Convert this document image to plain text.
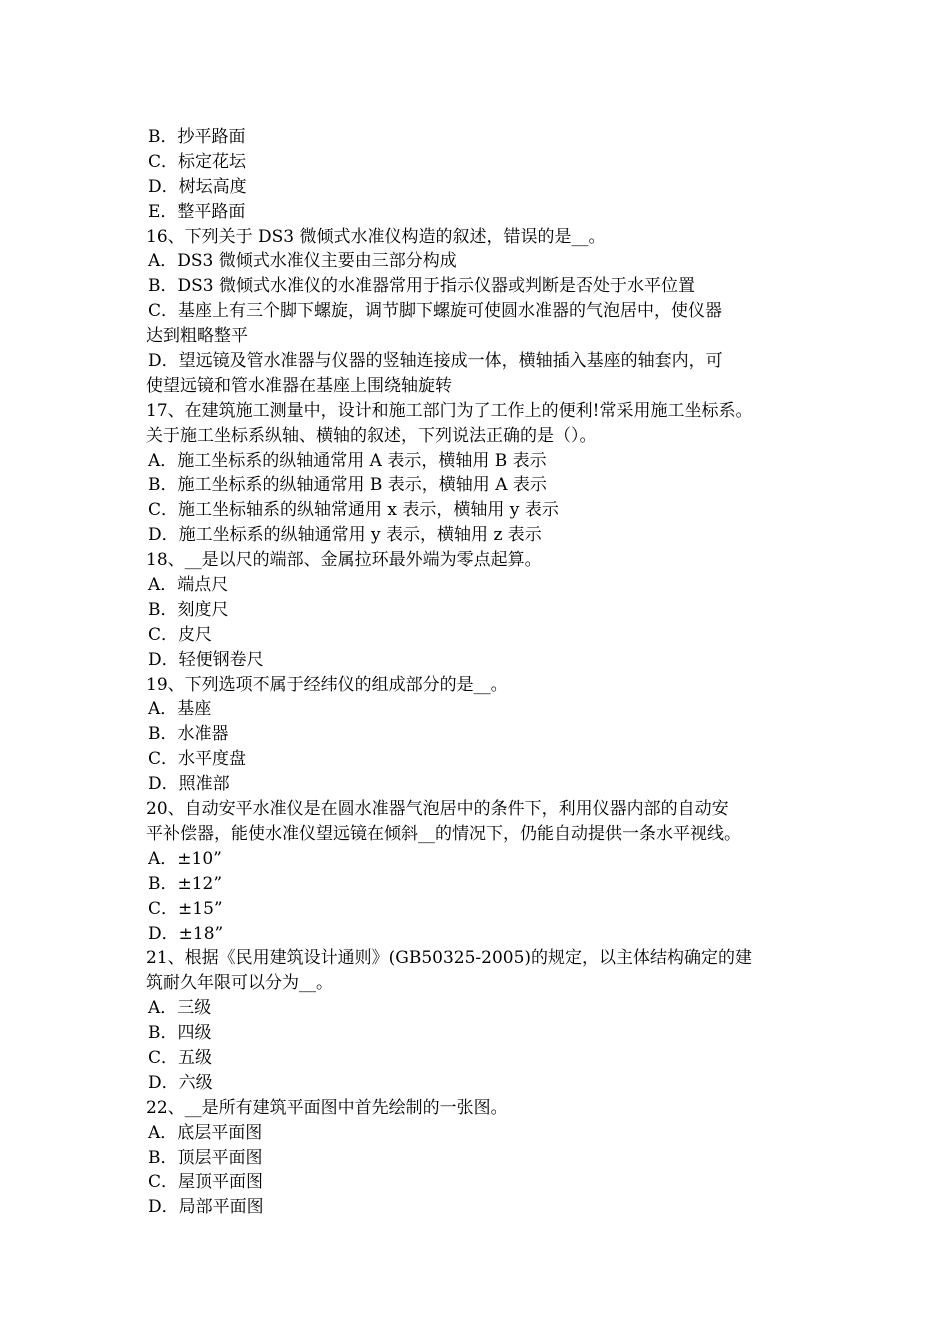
B．抄平路面
C．标定花坛
D．树坛高度
E．整平路面
16、下列关于 DS3 微倾式水准仪构造的叙述，错误的是__。
A．DS3 微倾式水准仪主要由三部分构成
B．DS3 微倾式水准仪的水准器常用于指示仪器或判断是否处于水平位置
C．基座上有三个脚下螺旋，调节脚下螺旋可使圆水准器的气泡居中，使仪器
达到粗略整平
D．望远镜及管水准器与仪器的竖轴连接成一体，横轴插入基座的轴套内，可
使望远镜和管水准器在基座上围绕轴旋转
17、在建筑施工测量中，设计和施工部门为了工作上的便利!常采用施工坐标系。
关于施工坐标系纵轴、横轴的叙述，下列说法正确的是（）。
A．施工坐标系的纵轴通常用 A 表示，横轴用 B 表示
B．施工坐标系的纵轴通常用 B 表示，横轴用 A 表示
C．施工坐标轴系的纵轴常通用 x 表示，横轴用 y 表示
D．施工坐标系的纵轴通常用 y 表示，横轴用 z 表示
18、__是以尺的端部、金属拉环最外端为零点起算。
A．端点尺
B．刻度尺
C．皮尺
D．轻便钢卷尺
19、下列选项不属于经纬仪的组成部分的是__。
A．基座
B．水准器
C．水平度盘
D．照准部
20、自动安平水准仪是在圆水准器气泡居中的条件下，利用仪器内部的自动安
平补偿器，能使水准仪望远镜在倾斜__的情况下，仍能自动提供一条水平视线。
A．±10”
B．±12”
C．±15”
D．±18”
21、根据《民用建筑设计通则》(GB50325-2005)的规定，以主体结构确定的建
筑耐久年限可以分为__。
A．三级
B．四级
C．五级
D．六级
22、__是所有建筑平面图中首先绘制的一张图。
A．底层平面图
B．顶层平面图
C．屋顶平面图
D．局部平面图
